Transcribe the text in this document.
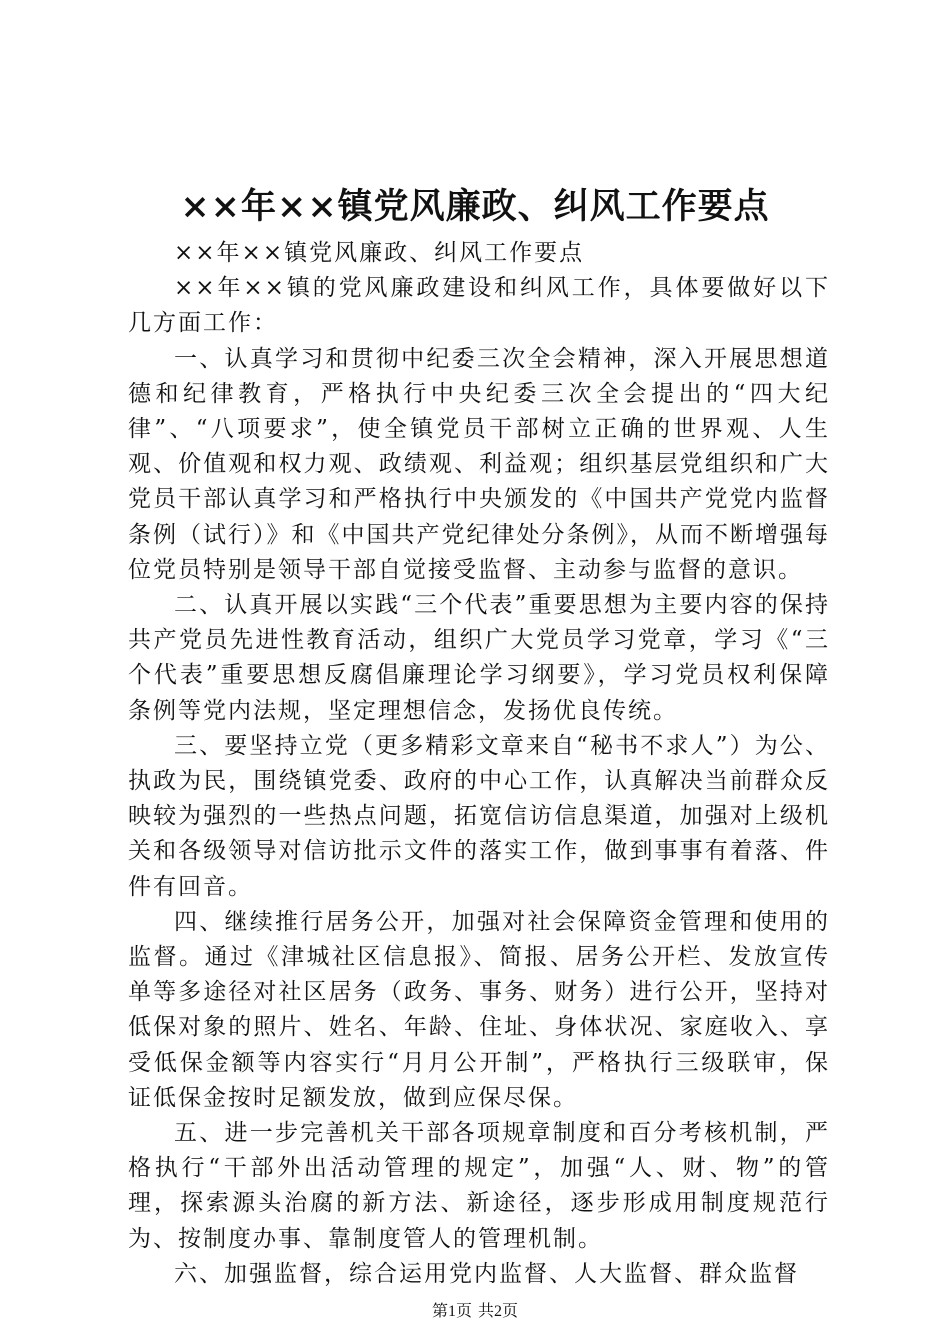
××年××镇党风廉政、纠风工作要点

××年××镇党风廉政、纠风工作要点

××年××镇的党风廉政建设和纠风工作，具体要做好以下几方面工作：

一、认真学习和贯彻中纪委三次全会精神，深入开展思想道德和纪律教育，严格执行中央纪委三次全会提出的“四大纪律”、“八项要求”，使全镇党员干部树立正确的世界观、人生观、价值观和权力观、政绩观、利益观；组织基层党组织和广大党员干部认真学习和严格执行中央颁发的《中国共产党党内监督条例（试行）》和《中国共产党纪律处分条例》，从而不断增强每位党员特别是领导干部自觉接受监督、主动参与监督的意识。

二、认真开展以实践“三个代表”重要思想为主要内容的保持共产党员先进性教育活动，组织广大党员学习党章，学习《“三个代表”重要思想反腐倡廉理论学习纲要》，学习党员权利保障条例等党内法规，坚定理想信念，发扬优良传统。

三、要坚持立党（更多精彩文章来自“秘书不求人”）为公、执政为民，围绕镇党委、政府的中心工作，认真解决当前群众反映较为强烈的一些热点问题，拓宽信访信息渠道，加强对上级机关和各级领导对信访批示文件的落实工作，做到事事有着落、件件有回音。

四、继续推行居务公开，加强对社会保障资金管理和使用的监督。通过《津城社区信息报》、简报、居务公开栏、发放宣传单等多途径对社区居务（政务、事务、财务）进行公开，坚持对低保对象的照片、姓名、年龄、住址、身体状况、家庭收入、享受低保金额等内容实行“月月公开制”，严格执行三级联审，保证低保金按时足额发放，做到应保尽保。

五、进一步完善机关干部各项规章制度和百分考核机制，严格执行“干部外出活动管理的规定”，加强“人、财、物”的管理，探索源头治腐的新方法、新途径，逐步形成用制度规范行为、按制度办事、靠制度管人的管理机制。

六、加强监督，综合运用党内监督、人大监督、群众监督

第1页 共2页
